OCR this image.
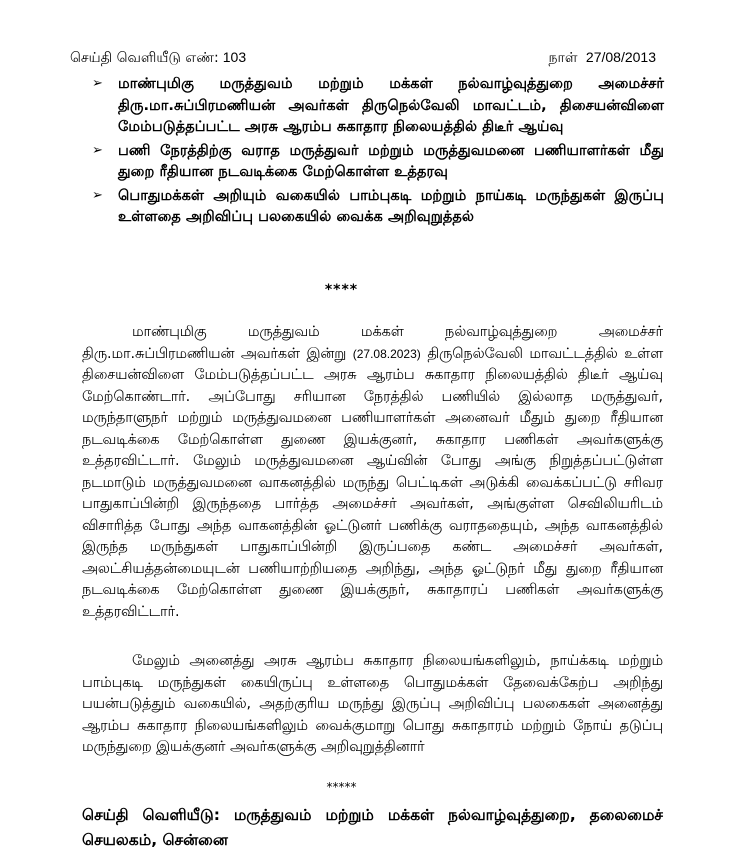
செய்தி வெளியீடு எண்: 103	நாள் 27/08/2013
➢ மாண்புமிகு மருத்துவம் மற்றும் மக்கள் நல்வாழ்வுத்துறை அமைச்சர் திரு.மா.சுப்பிரமணியன் அவர்கள் திருநெல்வேலி மாவட்டம், திசையன்விளை மேம்படுத்தப்பட்ட அரசு ஆரம்ப சுகாதார நிலையத்தில் திடீர் ஆய்வு
➢ பணி நேரத்திற்கு வராத மருத்துவர் மற்றும் மருத்துவமனை பணியாளர்கள் மீது துறை ரீதியான நடவடிக்கை மேற்கொள்ள உத்தரவு
➢ பொதுமக்கள் அறியும் வகையில் பாம்புகடி மற்றும் நாய்கடி மருந்துகள் இருப்பு உள்ளதை அறிவிப்பு பலகையில் வைக்க அறிவுறுத்தல்
****

மாண்புமிகு மருத்துவம் மக்கள் நல்வாழ்வுத்துறை அமைச்சர் திரு.மா.சுப்பிரமணியன் அவர்கள் இன்று (27.08.2023) திருநெல்வேலி மாவட்டத்தில் உள்ள திசையன்விளை மேம்படுத்தப்பட்ட அரசு ஆரம்ப சுகாதார நிலையத்தில் திடீர் ஆய்வு மேற்கொண்டார். அப்போது சரியான நேரத்தில் பணியில் இல்லாத மருத்துவர், மருந்தாளுநர் மற்றும் மருத்துவமனை பணியாளர்கள் அனைவர் மீதும் துறை ரீதியான நடவடிக்கை மேற்கொள்ள துணை இயக்குனர், சுகாதார பணிகள் அவர்களுக்கு உத்தரவிட்டார். மேலும் மருத்துவமனை ஆய்வின் போது அங்கு நிறுத்தப்பட்டுள்ள நடமாடும் மருத்துவமனை வாகனத்தில் மருந்து பெட்டிகள் அடுக்கி வைக்கப்பட்டு சரிவர பாதுகாப்பின்றி இருந்ததை பார்த்த அமைச்சர் அவர்கள், அங்குள்ள செவிலியரிடம் விசாரித்த போது அந்த வாகனத்தின் ஓட்டுனர் பணிக்கு வராததையும், அந்த வாகனத்தில் இருந்த மருந்துகள் பாதுகாப்பின்றி இருப்பதை கண்ட அமைச்சர் அவர்கள், அலட்சியத்தன்மையுடன் பணியாற்றியதை அறிந்து, அந்த ஓட்டுநர் மீது துறை ரீதியான நடவடிக்கை மேற்கொள்ள துணை இயக்குநர், சுகாதாரப் பணிகள் அவர்களுக்கு உத்தரவிட்டார்.

மேலும் அனைத்து அரசு ஆரம்ப சுகாதார நிலையங்களிலும், நாய்க்கடி மற்றும் பாம்புகடி மருந்துகள் கையிருப்பு உள்ளதை பொதுமக்கள் தேவைக்கேற்ப அறிந்து பயன்படுத்தும் வகையில், அதற்குரிய மருந்து இருப்பு அறிவிப்பு பலகைகள் அனைத்து ஆரம்ப சுகாதார நிலையங்களிலும் வைக்குமாறு பொது சுகாதாரம் மற்றும் நோய் தடுப்பு மருந்துறை இயக்குனர் அவர்களுக்கு அறிவுறுத்தினார்

*****

செய்தி வெளியீடு: மருத்துவம் மற்றும் மக்கள் நல்வாழ்வுத்துறை, தலைமைச் செயலகம், சென்னை
